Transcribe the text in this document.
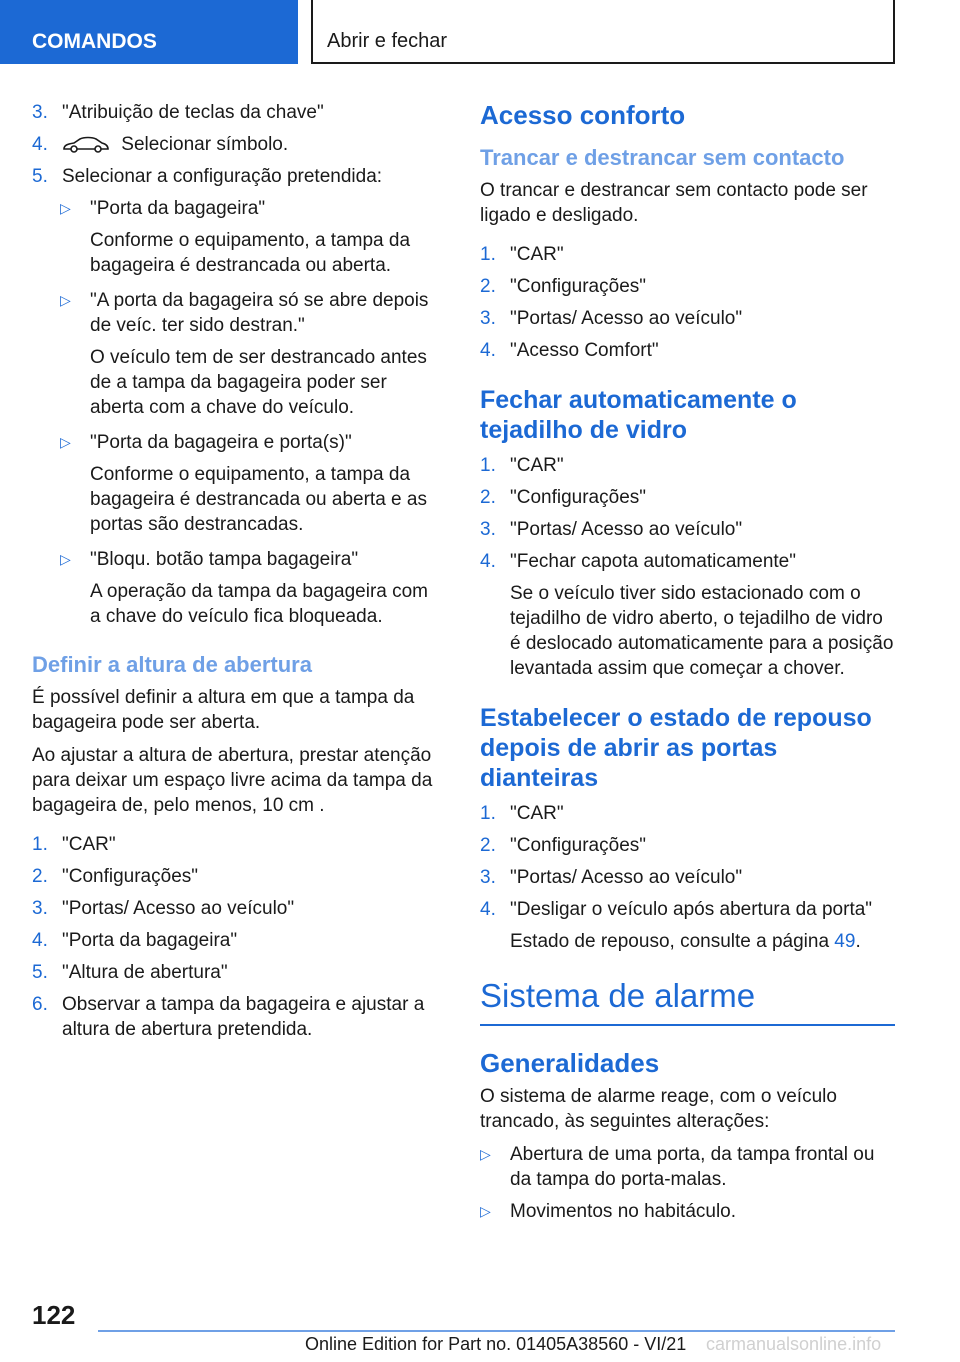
COMANDOS	Abrir e fechar
3. "Atribuição de teclas da chave"
4.	Selecionar símbolo.
5. Selecionar a configuração pretendida:
▷ "Porta da bagageira"
Conforme o equipamento, a tampa da bagageira é destrancada ou aberta.
▷ "A porta da bagageira só se abre depois de veíc. ter sido destran."
O veículo tem de ser destrancado antes de a tampa da bagageira poder ser aberta com a chave do veículo.
▷ "Porta da bagageira e porta(s)"
Conforme o equipamento, a tampa da bagageira é destrancada ou aberta e as portas são destrancadas.
▷ "Bloqu. botão tampa bagageira"
A operação da tampa da bagageira com a chave do veículo fica bloqueada.
Definir a altura de abertura

É possível definir a altura em que a tampa da bagageira pode ser aberta.

Ao ajustar a altura de abertura, prestar atenção para deixar um espaço livre acima da tampa da bagageira de, pelo menos, 10 cm .

1. "CAR"
2. "Configurações"
3. "Portas/ Acesso ao veículo"
4. "Porta da bagageira"
5. "Altura de abertura"
6. Observar a tampa da bagageira e ajustar a altura de abertura pretendida.
Acesso conforto
Trancar e destrancar sem contacto

O trancar e destrancar sem contacto pode ser ligado e desligado.

1. "CAR"
2. "Configurações"
3. "Portas/ Acesso ao veículo"
4. "Acesso Comfort"
Fechar automaticamente o tejadilho de vidro
1. "CAR"
2. "Configurações"
3. "Portas/ Acesso ao veículo"
4. "Fechar capota automaticamente"
Se o veículo tiver sido estacionado com o tejadilho de vidro aberto, o tejadilho de vidro é deslocado automaticamente para a posição levantada assim que começar a chover.
Estabelecer o estado de repouso depois de abrir as portas dianteiras
1. "CAR"
2. "Configurações"
3. "Portas/ Acesso ao veículo"
4. "Desligar o veículo após abertura da porta"
Estado de repouso, consulte a página 49.
Sistema de alarme
Generalidades

O sistema de alarme reage, com o veículo trancado, às seguintes alterações:

▷ Abertura de uma porta, da tampa frontal ou da tampa do porta-malas.
▷ Movimentos no habitáculo.
122
Online Edition for Part no. 01405A38560 - VI/21 carmanualsonline.info
